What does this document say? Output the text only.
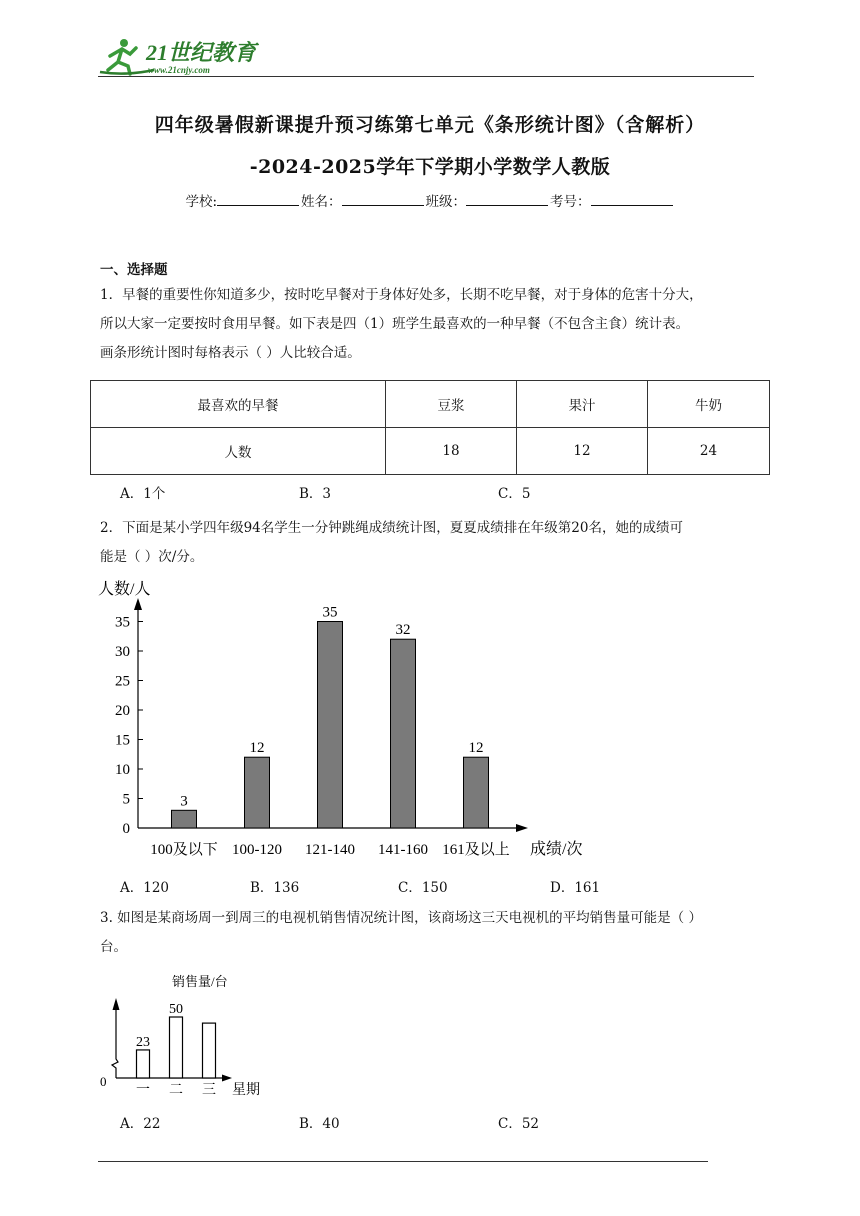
21世纪教育
www.21cnjy.com
四年级暑假新课提升预习练第七单元《条形统计图》（含解析）
-2024-2025学年下学期小学数学人教版
学校:	姓名：	班级：	考号：
一、选择题
1．早餐的重要性你知道多少，按时吃早餐对于身体好处多，长期不吃早餐，对于身体的危害十分大，
所以大家一定要按时食用早餐。如下表是四（1）班学生最喜欢的一种早餐（不包含主食）统计表。
画条形统计图时每格表示（ ）人比较合适。
最喜欢的早餐	豆浆	果汁	牛奶
人数	18	12	24
A．1个	B．3	C．5
2．下面是某小学四年级94名学生一分钟跳绳成绩统计图，夏夏成绩排在年级第20名，她的成绩可
能是（ ）次/分。
人数/人
成绩/次
0
5
10
15
20
25
30
35
3
12
35
32
12
100及以下 100-120 121-140 141-160 161及以上
A．120	B．136	C．150	D．161
3. 如图是某商场周一到周三的电视机销售情况统计图，该商场这三天电视机的平均销售量可能是（ ）
台。
销售量/台
星期
0
23
50
一 二 三
A．22	B．40	C．52
